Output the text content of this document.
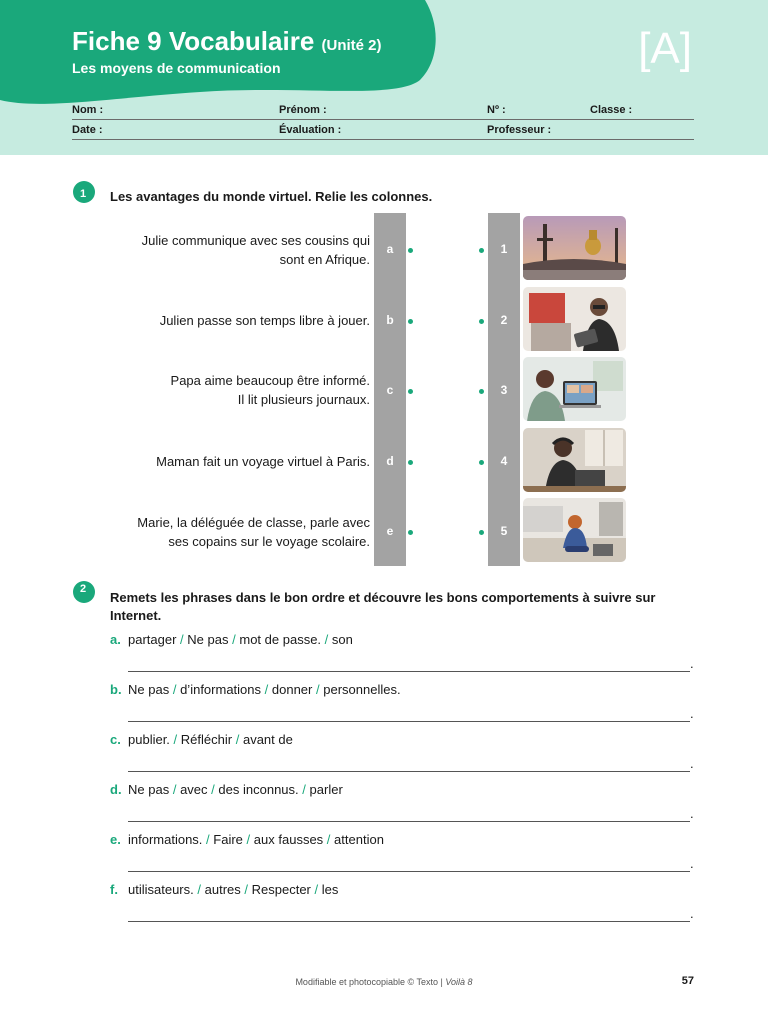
Fiche 9 Vocabulaire (Unité 2)
Les moyens de communication	[A]
Nom :	Prénom :	Nº :	Classe :
Date :	Évaluation :	Professeur :
1 Les avantages du monde virtuel. Relie les colonnes.
Julie communique avec ses cousins qui
sont en Afrique.
a	1
Julien passe son temps libre à jouer.	b	2
Papa aime beaucoup être informé.
Il lit plusieurs journaux.
c	3
Maman fait un voyage virtuel à Paris.	d	4
Marie, la déléguée de classe, parle avec
ses copains sur le voyage scolaire.
e	5
2
Remets les phrases dans le bon ordre et découvre les bons comportements à suivre sur
Internet.
a. partager / Ne pas / mot de passe. / son
.
b. Ne pas / d’informations / donner / personnelles.
.
c. publier. / Réfléchir / avant de
.
d. Ne pas / avec / des inconnus. / parler
.
e. informations. / Faire / aux fausses / attention
.
f. utilisateurs. / autres / Respecter / les
.
Modifiable et photocopiable © Texto | Voilà 8	57
